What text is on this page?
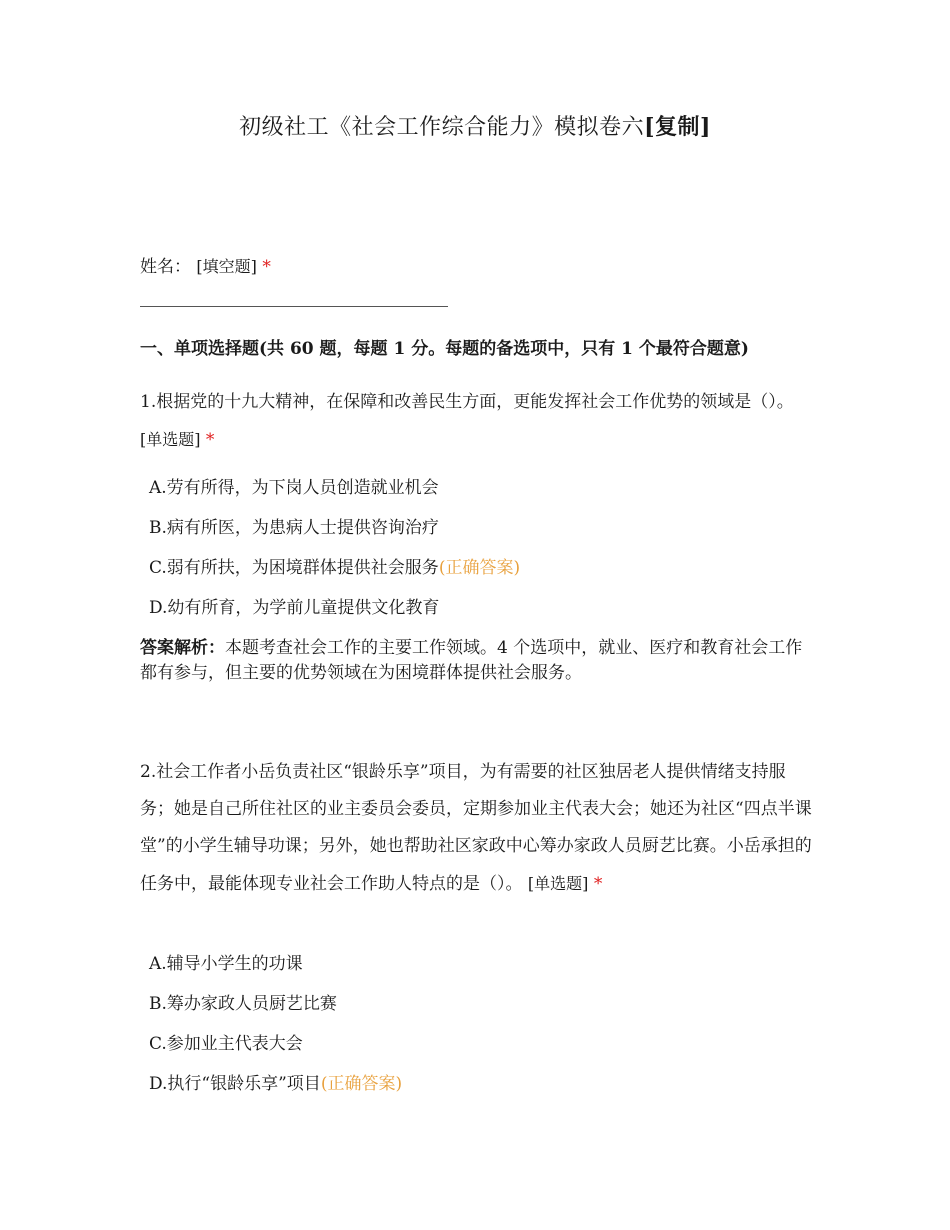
初级社工《社会工作综合能力》模拟卷六[复制]
姓名： [填空题] *
一、单项选择题(共 60 题，每题 1 分。每题的备选项中，只有 1 个最符合题意)
1.根据党的十九大精神，在保障和改善民生方面，更能发挥社会工作优势的领域是（）。 [单选题] *
A.劳有所得，为下岗人员创造就业机会
B.病有所医，为患病人士提供咨询治疗
C.弱有所扶，为困境群体提供社会服务(正确答案)
D.幼有所育，为学前儿童提供文化教育
答案解析：本题考查社会工作的主要工作领域。4 个选项中，就业、医疗和教育社会工作都有参与，但主要的优势领域在为困境群体提供社会服务。
2.社会工作者小岳负责社区“银龄乐享”项目，为有需要的社区独居老人提供情绪支持服务；她是自己所住社区的业主委员会委员，定期参加业主代表大会；她还为社区“四点半课堂”的小学生辅导功课；另外，她也帮助社区家政中心筹办家政人员厨艺比赛。小岳承担的任务中，最能体现专业社会工作助人特点的是（）。 [单选题] *
A.辅导小学生的功课
B.筹办家政人员厨艺比赛
C.参加业主代表大会
D.执行“银龄乐享”项目(正确答案)
